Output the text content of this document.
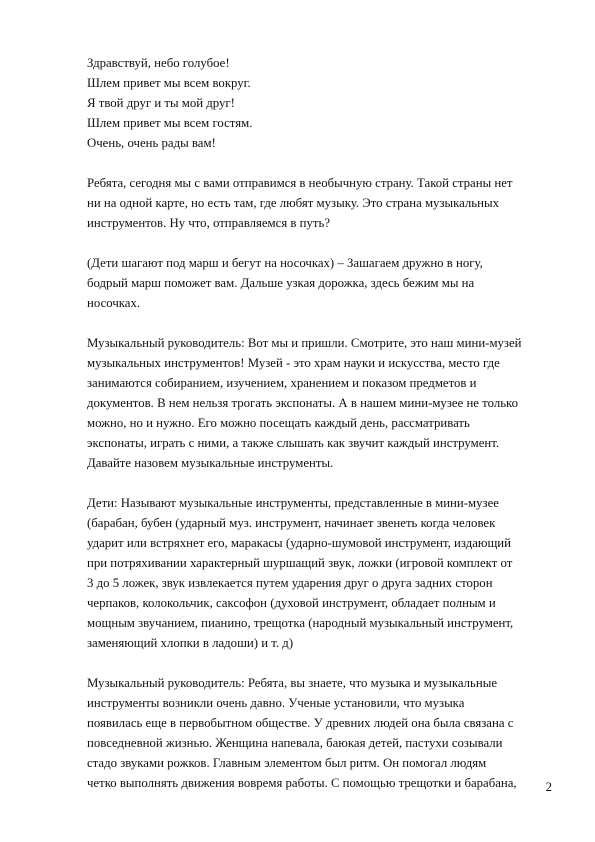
Здравствуй, небо голубое!
Шлем привет мы всем вокруг.
Я твой друг и ты мой друг!
Шлем привет мы всем гостям.
Очень, очень рады вам!
Ребята, сегодня мы с вами отправимся в необычную страну. Такой страны нет
ни на одной карте, но есть там, где любят музыку. Это страна музыкальных
инструментов. Ну что, отправляемся в путь?
(Дети шагают под марш и бегут на носочках) – Зашагаем дружно в ногу,
бодрый марш поможет вам. Дальше узкая дорожка, здесь бежим мы на
носочках.
Музыкальный руководитель: Вот мы и пришли. Смотрите, это наш мини-музей
музыкальных инструментов! Музей - это храм науки и искусства, место где
занимаются собиранием, изучением, хранением и показом предметов и
документов. В нем нельзя трогать экспонаты. А в нашем мини-музее не только
можно, но и нужно. Его можно посещать каждый день, рассматривать
экспонаты, играть с ними, а также слышать как звучит каждый инструмент.
Давайте назовем музыкальные инструменты.
Дети: Называют музыкальные инструменты, представленные в мини-музее
(барабан, бубен (ударный муз. инструмент, начинает звенеть когда человек
ударит или встряхнет его, маракасы (ударно-шумовой инструмент, издающий
при потряхивании характерный шуршащий звук, ложки (игровой комплект от
3 до 5 ложек, звук извлекается путем ударения друг о друга задних сторон
черпаков, колокольчик, саксофон (духовой инструмент, обладает полным и
мощным звучанием, пианино, трещотка (народный музыкальный инструмент,
заменяющий хлопки в ладоши) и т. д)
Музыкальный руководитель: Ребята, вы знаете, что музыка и музыкальные
инструменты возникли очень давно. Ученые установили, что музыка
появилась еще в первобытном обществе. У древних людей она была связана с
повседневной жизнью. Женщина напевала, баюкая детей, пастухи созывали
стадо звуками рожков. Главным элементом был ритм. Он помогал людям
четко выполнять движения вовремя работы. С помощью трещотки и барабана,	2
